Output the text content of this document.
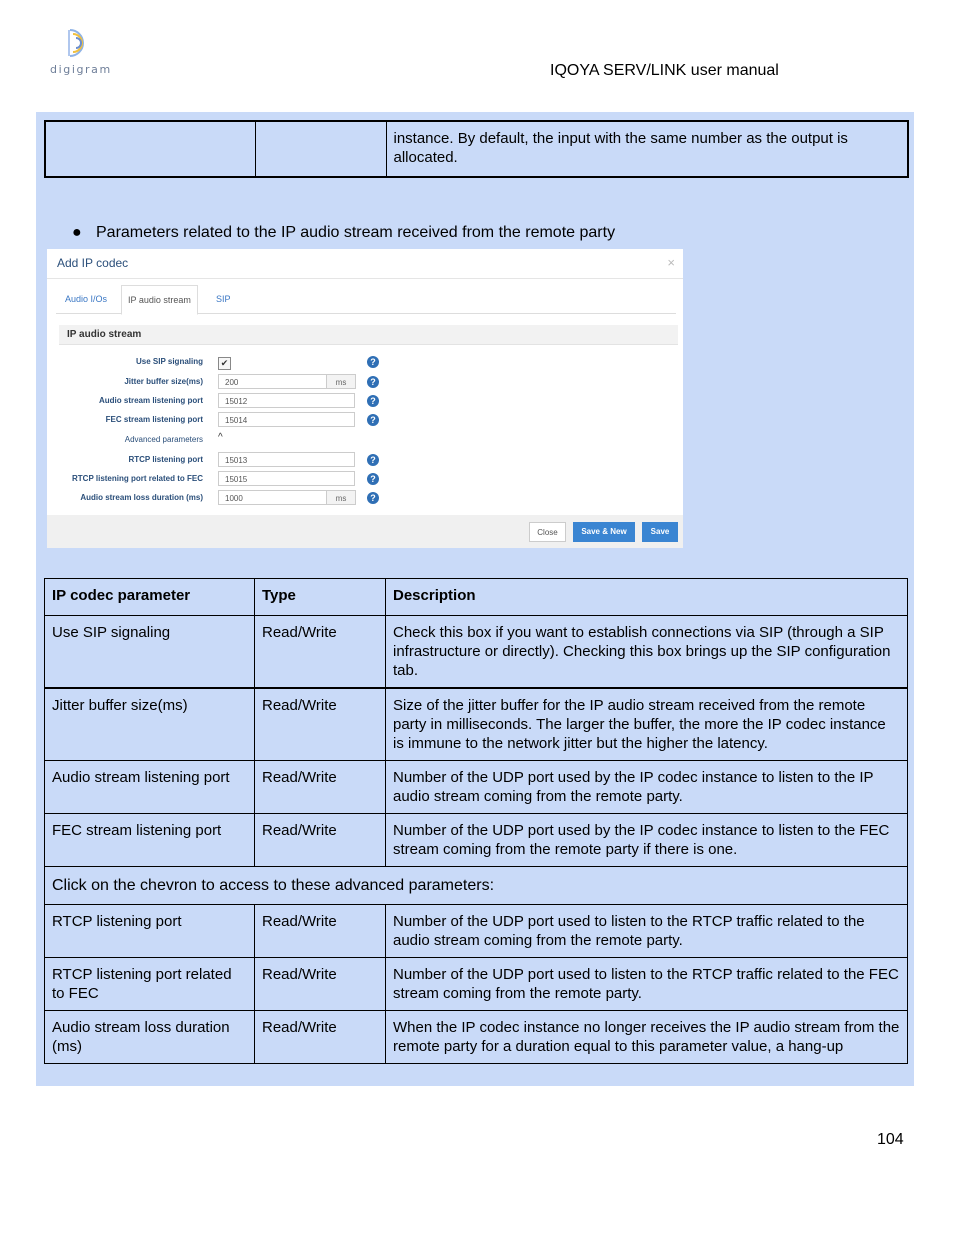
digigram	IQOYA SERV/LINK user manual
		instance. By default, the input with the same number as the output is allocated.
● Parameters related to the IP audio stream received from the remote party
Add IP codec	×
Audio I/Os	IP audio stream	SIP
IP audio stream
Use SIP signaling	✔	?
Jitter buffer size(ms)	200	ms	?
Audio stream listening port	15012	?
FEC stream listening port	15014	?
Advanced parameters ^
RTCP listening port	15013	?
RTCP listening port related to FEC	15015	?
Audio stream loss duration (ms)	1000	ms	?
Close	Save & New	Save
IP codec parameter	Type	Description
Use SIP signaling	Read/Write	Check this box if you want to establish connections via SIP (through a SIP infrastructure or directly). Checking this box brings up the SIP configuration tab.
Jitter buffer size(ms)	Read/Write	Size of the jitter buffer for the IP audio stream received from the remote party in milliseconds. The larger the buffer, the more the IP codec instance is immune to the network jitter but the higher the latency.
Audio stream listening port	Read/Write	Number of the UDP port used by the IP codec instance to listen to the IP audio stream coming from the remote party.
FEC stream listening port	Read/Write	Number of the UDP port used by the IP codec instance to listen to the FEC stream coming from the remote party if there is one.
Click on the chevron to access to these advanced parameters:		
RTCP listening port	Read/Write	Number of the UDP port used to listen to the RTCP traffic related to the audio stream coming from the remote party.
RTCP listening port related to FEC	Read/Write	Number of the UDP port used to listen to the RTCP traffic related to the FEC stream coming from the remote party.
Audio stream loss duration (ms)	Read/Write	When the IP codec instance no longer receives the IP audio stream from the remote party for a duration equal to this parameter value, a hang-up
104
